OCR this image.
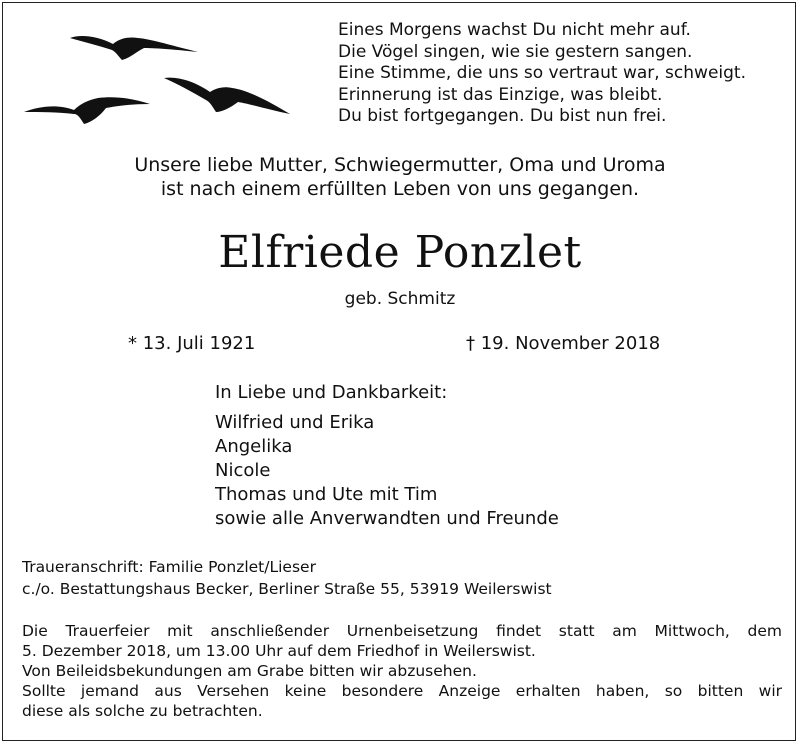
Eines Morgens wachst Du nicht mehr auf.
Die Vögel singen, wie sie gestern sangen.
Eine Stimme, die uns so vertraut war, schweigt.
Erinnerung ist das Einzige, was bleibt.
Du bist fortgegangen. Du bist nun frei.
Unsere liebe Mutter, Schwiegermutter, Oma und Uroma
ist nach einem erfüllten Leben von uns gegangen.
Elfriede Ponzlet
geb. Schmitz
* 13. Juli 1921	† 19. November 2018
In Liebe und Dankbarkeit:
Wilfried und Erika
Angelika
Nicole
Thomas und Ute mit Tim
sowie alle Anverwandten und Freunde
Traueranschrift: Familie Ponzlet/Lieser
c./o. Bestattungshaus Becker, Berliner Straße 55, 53919 Weilerswist
Die Trauerfeier mit anschließender Urnenbeisetzung findet statt am Mittwoch, dem
5. Dezember 2018, um 13.00 Uhr auf dem Friedhof in Weilerswist.
Von Beileidsbekundungen am Grabe bitten wir abzusehen.
Sollte jemand aus Versehen keine besondere Anzeige erhalten haben, so bitten wir
diese als solche zu betrachten.
